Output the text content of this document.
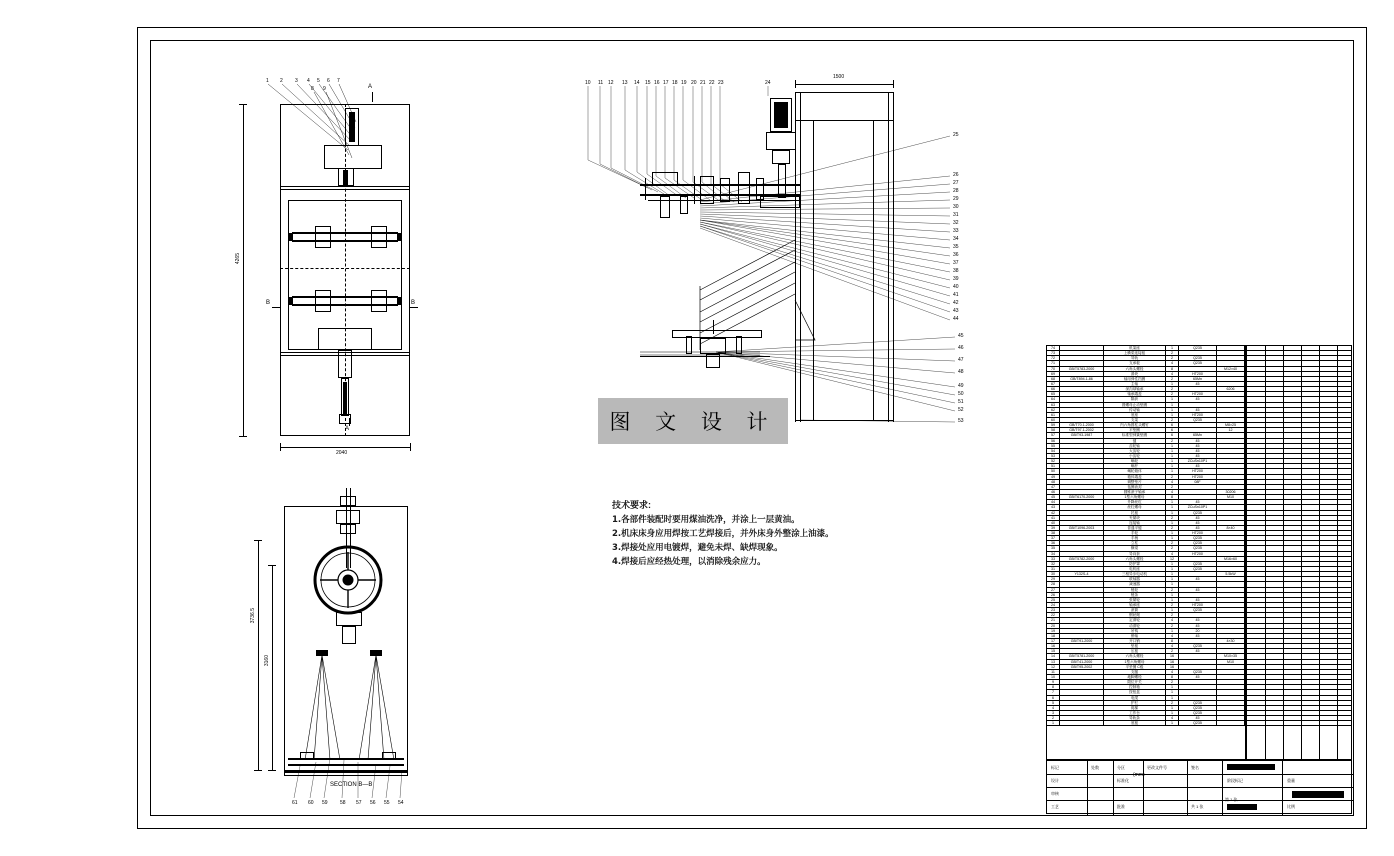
B	B
A
A
4265
2040
1 2 3 4 5 6 7
8 9
1500
10 11 12 13 14 15 16 17 18 19 20 21 22 23	24
25
26
27
28
29
30
31
32
33
34
35
36
37
38
39
40
41
42
43
44
45
46
47
48
49
50
51
52
53
3736.5
3160
SECTION B—B
61 60 59 58 57 56 55 54
图 文 设 计
技术要求:
1.各部件装配时要用煤油洗净，并涂上一层黄油。
2.机床床身应用焊按工艺焊接后，并外床身外整涂上油漆。
3.焊接处应用电镀焊，避免未焊、缺焊现象。
4.焊接后应经热处理，以消除残余应力。
74	机架座	1	Q235
73	上横梁连接板	2
72	导轨	2	Q235
71	支承板	4	Q235
70	GB/T5783-2000	六角头螺栓	8	M12×40
69	滑块	4	HT200
68	GB/T894.1-86	轴用弹性挡圈	2	65Mn
67	主轴	1	45
66	深沟球轴承	2	6206
65	轴承端盖	2	HT200
64	隔套	1	45
63	圆螺母止动垫圈	1
62	传动轴	1	45
61	底座	1	HT200
60	支架	2	Q235
59	GB/T70.1-2000	内六角圆柱头螺钉	6	M8×25
58	GB/T97.1-2002	平垫圈	6	12
57	GB/T93-1987	标准型弹簧垫圈	6	65Mn
56	键	2	45
55	齿轮轴	1	45
54	大齿轮	1	45
53	小齿轮	1	45
52	蜗轮	1	ZCuSn10P1
51	蜗杆	1	45
50	蜗轮箱体	1	HT200
49	箱体端盖	2	HT200
48	调整垫片	4	08F
47	毡圈油封	2
46	圆锥滚子轴承	4	30206
45	GB/T6170-2000	1型六角螺母	8	M10
44	升降丝杠	1	45
43	丝杠螺母	1	ZCuSn10P1
42	托板	1	Q235
41	夹紧块	2	45
40	连接轴	1	45
39	GB/T1096-2003	普通平键	2	45	8×40
38	手轮	1	HT200
37	手柄	1	Q235
36	立柱	2	Q235
35	横梁	2	Q235
34	导向套	4	HT200
33	GB/T5782-2000	六角头螺栓	12	M16×60
32	防护罩	1	Q235
31	电机座	1	Q235
30	Y132S-4	三相异步电动机	1	5.5kW
29	联轴器	1	45
28	减速器	1
27	链轮	2	45
26	链条	1
25	张紧轮	1	45
24	轴承座	2	HT200
23	滚筒	1	Q235
22	钢丝绳	2
21	定滑轮	4	45
20	动滑轮	2	45
19	吊钩	1	20
18	销轴	4	45
17	GB/T91-2000	开口销	8	4×30
16	垫板	4	Q235
15	压板	2	45
14	GB/T5781-2000	六角头螺栓	16	M10×35
13	GB/T41-2000	1型六角螺母	16	M10
12	GB/T95-2002	平垫圈 C级	16
11	支腿	4	Q235
10	地脚螺栓	8	45
9	限位开关	2
8	控制箱	1
7	按钮盒	1
6	电缆	1
5	护栏	2	Q235
4	爬梯	1	Q235
3	工作台	1	Q235
2	导轨条	4	45
1	底板	1	Q235
标记	处数	分区	更改文件号	签名
设计	标准化	阶段标记	重量
审核
比例
工艺	批准	共 1 张
第 1 张
(mm)
